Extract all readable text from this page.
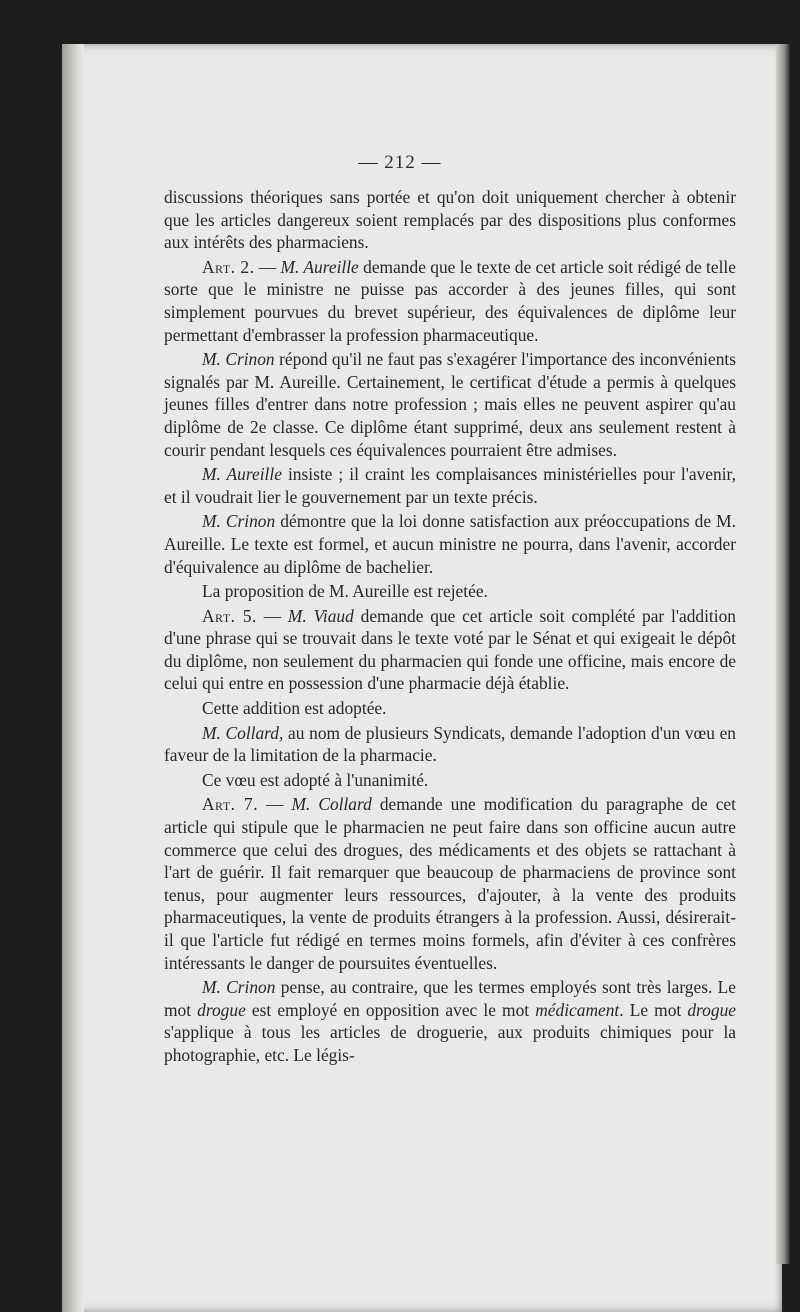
— 212 —

discussions théoriques sans portée et qu'on doit uniquement chercher à obtenir que les articles dangereux soient remplacés par des dispositions plus conformes aux intérêts des pharmaciens.

Art. 2. — M. Aureille demande que le texte de cet article soit rédigé de telle sorte que le ministre ne puisse pas accorder à des jeunes filles, qui sont simplement pourvues du brevet supérieur, des équivalences de diplôme leur permettant d'embrasser la profession pharmaceutique.

M. Crinon répond qu'il ne faut pas s'exagérer l'importance des inconvénients signalés par M. Aureille. Certainement, le certificat d'étude a permis à quelques jeunes filles d'entrer dans notre profession ; mais elles ne peuvent aspirer qu'au diplôme de 2e classe. Ce diplôme étant supprimé, deux ans seulement restent à courir pendant lesquels ces équivalences pourraient être admises.

M. Aureille insiste ; il craint les complaisances ministérielles pour l'avenir, et il voudrait lier le gouvernement par un texte précis.

M. Crinon démontre que la loi donne satisfaction aux préoccupations de M. Aureille. Le texte est formel, et aucun ministre ne pourra, dans l'avenir, accorder d'équivalence au diplôme de bachelier.

La proposition de M. Aureille est rejetée.

Art. 5. — M. Viaud demande que cet article soit complété par l'addition d'une phrase qui se trouvait dans le texte voté par le Sénat et qui exigeait le dépôt du diplôme, non seulement du pharmacien qui fonde une officine, mais encore de celui qui entre en possession d'une pharmacie déjà établie.

Cette addition est adoptée.

M. Collard, au nom de plusieurs Syndicats, demande l'adoption d'un vœu en faveur de la limitation de la pharmacie.

Ce vœu est adopté à l'unanimité.

Art. 7. — M. Collard demande une modification du paragraphe de cet article qui stipule que le pharmacien ne peut faire dans son officine aucun autre commerce que celui des drogues, des médicaments et des objets se rattachant à l'art de guérir. Il fait remarquer que beaucoup de pharmaciens de province sont tenus, pour augmenter leurs ressources, d'ajouter, à la vente des produits pharmaceutiques, la vente de produits étrangers à la profession. Aussi, désirerait-il que l'article fut rédigé en termes moins formels, afin d'éviter à ces confrères intéressants le danger de poursuites éventuelles.

M. Crinon pense, au contraire, que les termes employés sont très larges. Le mot drogue est employé en opposition avec le mot médicament. Le mot drogue s'applique à tous les articles de droguerie, aux produits chimiques pour la photographie, etc. Le légis-
